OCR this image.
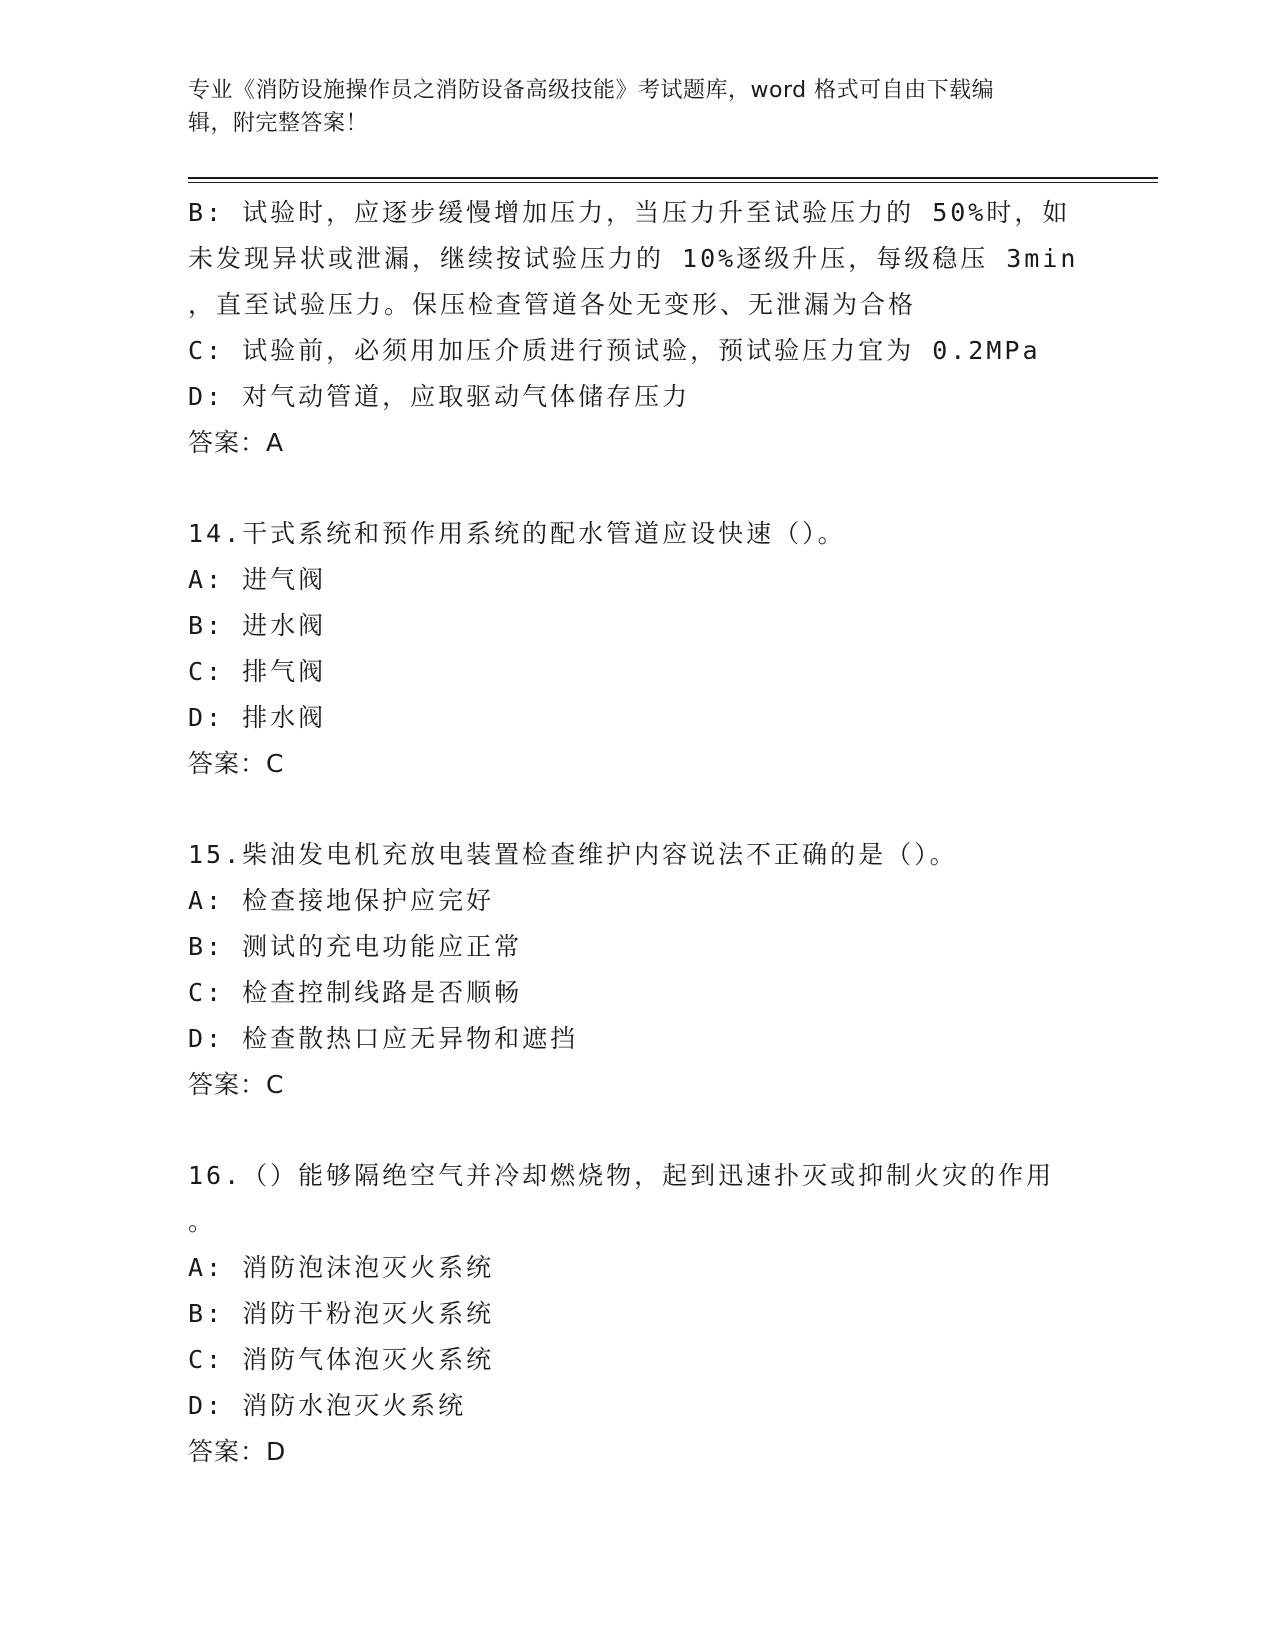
专业《消防设施操作员之消防设备高级技能》考试题库，word 格式可自由下载编
辑，附完整答案！
B: 试验时，应逐步缓慢增加压力，当压力升至试验压力的 50%时，如
未发现异状或泄漏，继续按试验压力的 10%逐级升压，每级稳压 3min
，直至试验压力。保压检查管道各处无变形、无泄漏为合格
C: 试验前，必须用加压介质进行预试验，预试验压力宜为 0.2MPa
D: 对气动管道，应取驱动气体储存压力
答案：A
14.干式系统和预作用系统的配水管道应设快速（）。
A: 进气阀
B: 进水阀
C: 排气阀
D: 排水阀
答案：C
15.柴油发电机充放电装置检查维护内容说法不正确的是（）。
A: 检查接地保护应完好
B: 测试的充电功能应正常
C: 检查控制线路是否顺畅
D: 检查散热口应无异物和遮挡
答案：C
16.（）能够隔绝空气并冷却燃烧物，起到迅速扑灭或抑制火灾的作用
。
A: 消防泡沫泡灭火系统
B: 消防干粉泡灭火系统
C: 消防气体泡灭火系统
D: 消防水泡灭火系统
答案：D
